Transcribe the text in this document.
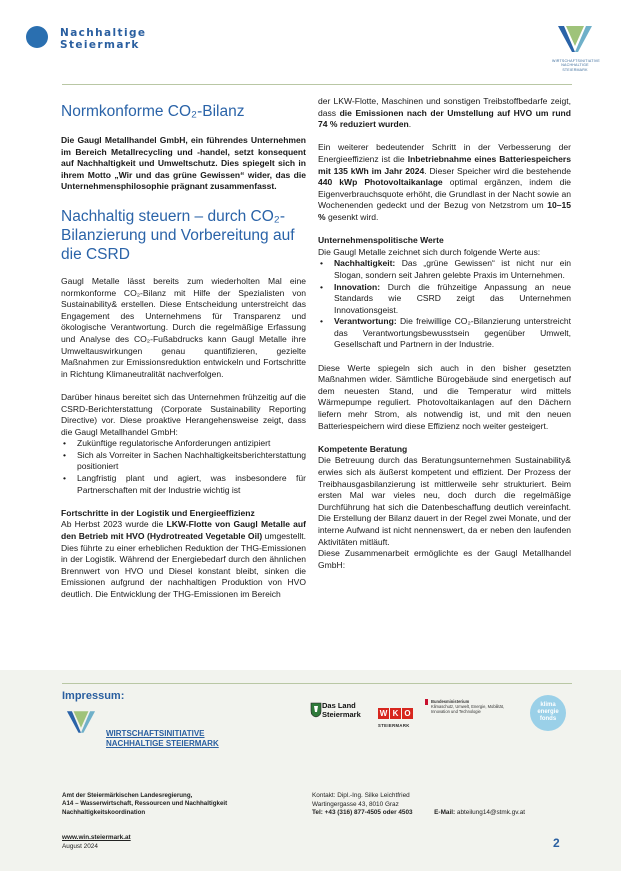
Nachhaltige
Steiermark
WIRTSCHAFTSINITIATIVE
NACHHALTIGE STEIERMARK
Normkonforme CO₂-Bilanz

Die Gaugl Metallhandel GmbH, ein führendes Unternehmen im Bereich Metallrecycling und -handel, setzt konsequent auf Nachhaltigkeit und Umweltschutz. Dies spiegelt sich in ihrem Motto „Wir und das grüne Gewissen“ wider, das die Unternehmensphilosophie prägnant zusammenfasst.

Nachhaltig steuern – durch CO₂-Bilanzierung und Vorbereitung auf die CSRD

Gaugl Metalle lässt bereits zum wiederholten Mal eine normkonforme CO₂-Bilanz mit Hilfe der Spezialisten von Sustainability& erstellen. Diese Entscheidung unterstreicht das Engagement des Unternehmens für Transparenz und ökologische Verantwortung. Durch die regelmäßige Erfassung und Analyse des CO₂-Fußabdrucks kann Gaugl Metalle ihre Umweltauswirkungen genau quantifizieren, gezielte Maßnahmen zur Emissionsreduktion entwickeln und Fortschritte in Richtung Klimaneutralität nachverfolgen.

Darüber hinaus bereitet sich das Unternehmen frühzeitig auf die CSRD-Berichterstattung (Corporate Sustainability Reporting Directive) vor. Diese proaktive Herangehensweise zeigt, dass die Gaugl Metallhandel GmbH:

• Zukünftige regulatorische Anforderungen antizipiert
• Sich als Vorreiter in Sachen Nachhaltigkeitsberichterstattung positioniert
• Langfristig plant und agiert, was insbesondere für Partnerschaften mit der Industrie wichtig ist

Fortschritte in der Logistik und Energieeffizienz

Ab Herbst 2023 wurde die LKW-Flotte von Gaugl Metalle auf den Betrieb mit HVO (Hydrotreated Vegetable Oil) umgestellt. Dies führte zu einer erheblichen Reduktion der THG-Emissionen in der Logistik. Während der Energiebedarf durch den ähnlichen Brennwert von HVO und Diesel konstant bleibt, sinken die Emissionen aufgrund der nachhaltigen Produktion von HVO deutlich. Die Entwicklung der THG-Emissionen im Bereich

der LKW-Flotte, Maschinen und sonstigen Treibstoffbedarfe zeigt, dass die Emissionen nach der Umstellung auf HVO um rund 74 % reduziert wurden.

Ein weiterer bedeutender Schritt in der Verbesserung der Energieeffizienz ist die Inbetriebnahme eines Batteriespeichers mit 135 kWh im Jahr 2024. Dieser Speicher wird die bestehende 440 kWp Photovoltaikanlage optimal ergänzen, indem die Eigenverbrauchsquote erhöht, die Grundlast in der Nacht sowie an Wochenenden gedeckt und der Bezug von Netzstrom um 10–15 % gesenkt wird.

Unternehmenspolitische Werte

Die Gaugl Metalle zeichnet sich durch folgende Werte aus:

• Nachhaltigkeit: Das „grüne Gewissen“ ist nicht nur ein Slogan, sondern seit Jahren gelebte Praxis im Unternehmen.
• Innovation: Durch die frühzeitige Anpassung an neue Standards wie CSRD zeigt das Unternehmen Innovationsgeist.
• Verantwortung: Die freiwillige CO₂-Bilanzierung unterstreicht das Verantwortungsbewusstsein gegenüber Umwelt, Gesellschaft und Partnern in der Industrie.

Diese Werte spiegeln sich auch in den bisher gesetzten Maßnahmen wider. Sämtliche Bürogebäude sind energetisch auf dem neuesten Stand, und die Temperatur wird mittels Wärmepumpe reguliert. Photovoltaikanlagen auf den Dächern liefern mehr Strom, als notwendig ist, und mit den neuen Batteriespeichern wird diese Effizienz noch weiter gesteigert.

Kompetente Beratung

Die Betreuung durch das Beratungsunternehmen Sustainability& erwies sich als äußerst kompetent und effizient. Der Prozess der Treibhausgasbilanzierung ist mittlerweile sehr strukturiert. Beim ersten Mal war vieles neu, doch durch die regelmäßige Durchführung hat sich die Datenbeschaffung deutlich vereinfacht. Die Erstellung der Bilanz dauert in der Regel zwei Monate, und der interne Aufwand ist nicht nennenswert, da er neben den laufenden Aktivitäten mitläuft.

Diese Zusammenarbeit ermöglichte es der Gaugl Metallhandel GmbH:

Impressum:
WIRTSCHAFTSINITIATIVE
NACHHALTIGE STEIERMARK
Das Land
Steiermark W K O
STEIERMARK
Bundesministerium
Klimaschutz, Umwelt, Energie, Mobilität, Innovation und Technologie
klima
energie
fonds
Amt der Steiermärkischen Landesregierung,
A14 – Wasserwirtschaft, Ressourcen und Nachhaltigkeit
Nachhaltigkeitskoordination
Kontakt: Dipl.-Ing. Silke Leichtfried
Wartingergasse 43, 8010 Graz
Tel: +43 (316) 877-4505 oder 4503	E-Mail: abteilung14@stmk.gv.at
www.win.steiermark.at
August 2024	2
